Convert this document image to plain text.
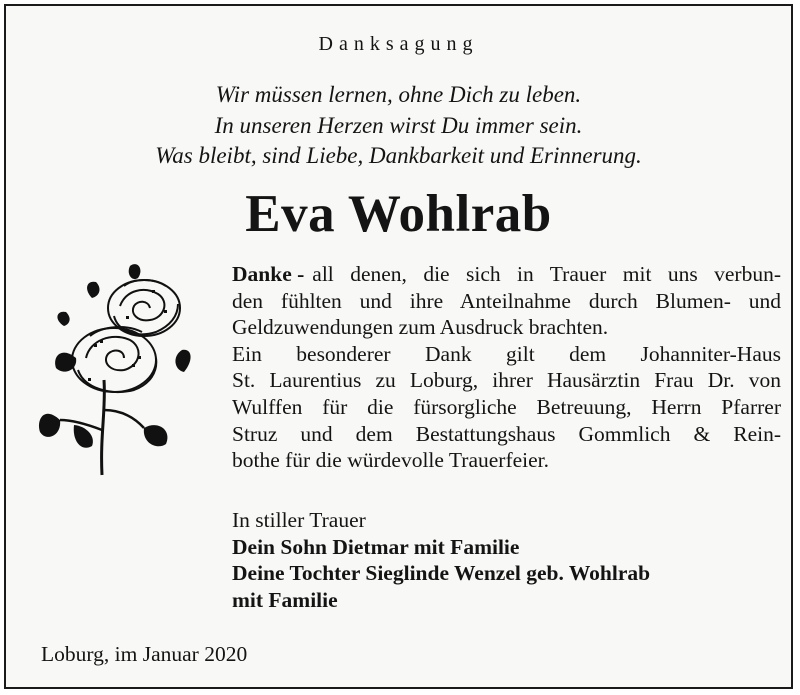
Danksagung
Wir müssen lernen, ohne Dich zu leben.
In unseren Herzen wirst Du immer sein.
Was bleibt, sind Liebe, Dankbarkeit und Erinnerung.
Eva Wohlrab
Danke - all denen, die sich in Trauer mit uns verbun-
den fühlten und ihre Anteilnahme durch Blumen- und
Geldzuwendungen zum Ausdruck brachten.
Ein besonderer Dank gilt dem Johanniter-Haus
St. Laurentius zu Loburg, ihrer Hausärztin Frau Dr. von
Wulffen für die fürsorgliche Betreuung, Herrn Pfarrer
Struz und dem Bestattungshaus Gommlich & Rein-
bothe für die würdevolle Trauerfeier.
In stiller Trauer
Dein Sohn Dietmar mit Familie
Deine Tochter Sieglinde Wenzel geb. Wohlrab
mit Familie
Loburg, im Januar 2020
